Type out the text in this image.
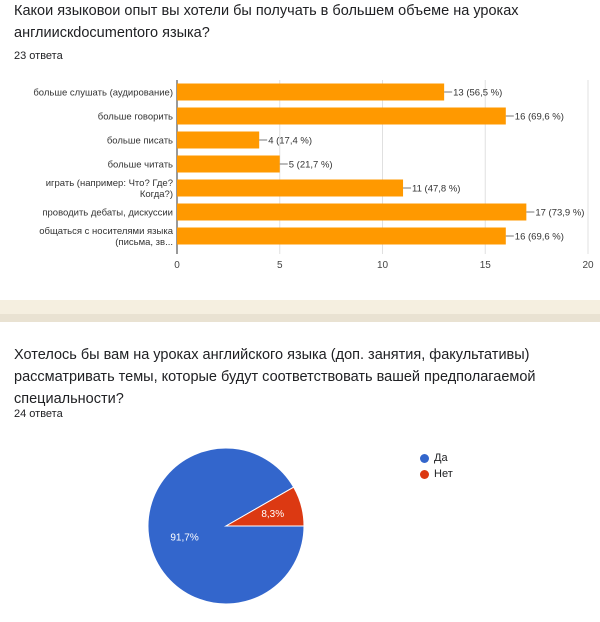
Какои языковои опыт вы хотели бы получать в большем объеме на уроках англиискdocumentого языка?
23 ответа
0	5	10	15	20
больше слушать (аудирование)	13 (56,5 %)
больше говорить	16 (69,6 %)
больше писать	4 (17,4 %)
больше читать	5 (21,7 %)
играть (например: Что? Где?
Когда?)	11 (47,8 %)
проводить дебаты, дискуссии	17 (73,9 %)
общаться с носителями языка
(письма, зв...	16 (69,6 %)
Хотелось бы вам на уроках английского языка (доп. занятия, факультативы) рассматривать темы, которые будут соответствовать вашей предполагаемой специальности?
24 ответа
91,7%
8,3%
Да
Нет
